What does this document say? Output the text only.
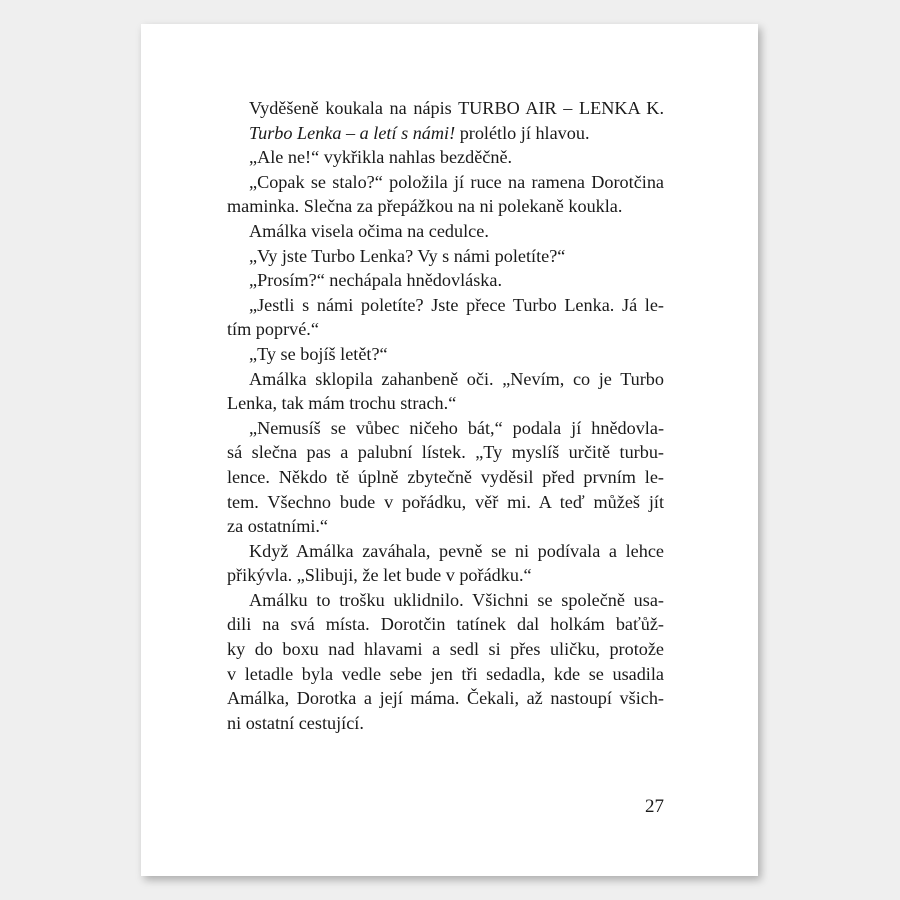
Vyděšeně koukala na nápis TURBO AIR – LENKA K.

Turbo Lenka – a letí s námi! prolétlo jí hlavou.

„Ale ne!“ vykřikla nahlas bezděčně.

„Copak se stalo?“ položila jí ruce na ramena Dorotčina
maminka. Slečna za přepážkou na ni polekaně koukla.

Amálka visela očima na cedulce.

„Vy jste Turbo Lenka? Vy s námi poletíte?“

„Prosím?“ nechápala hnědovláska.

„Jestli s námi poletíte? Jste přece Turbo Lenka. Já le-
tím poprvé.“

„Ty se bojíš letět?“

Amálka sklopila zahanbeně oči. „Nevím, co je Turbo
Lenka, tak mám trochu strach.“

„Nemusíš se vůbec ničeho bát,“ podala jí hnědovla-
sá slečna pas a palubní lístek. „Ty myslíš určitě turbu-
lence. Někdo tě úplně zbytečně vyděsil před prvním le-
tem. Všechno bude v pořádku, věř mi. A teď můžeš jít
za ostatními.“

Když Amálka zaváhala, pevně se ni podívala a lehce
přikývla. „Slibuji, že let bude v pořádku.“

Amálku to trošku uklidnilo. Všichni se společně usa-
dili na svá místa. Dorotčin tatínek dal holkám baťůž-
ky do boxu nad hlavami a sedl si přes uličku, protože
v letadle byla vedle sebe jen tři sedadla, kde se usadila
Amálka, Dorotka a její máma. Čekali, až nastoupí všich-
ni ostatní cestující.

27
